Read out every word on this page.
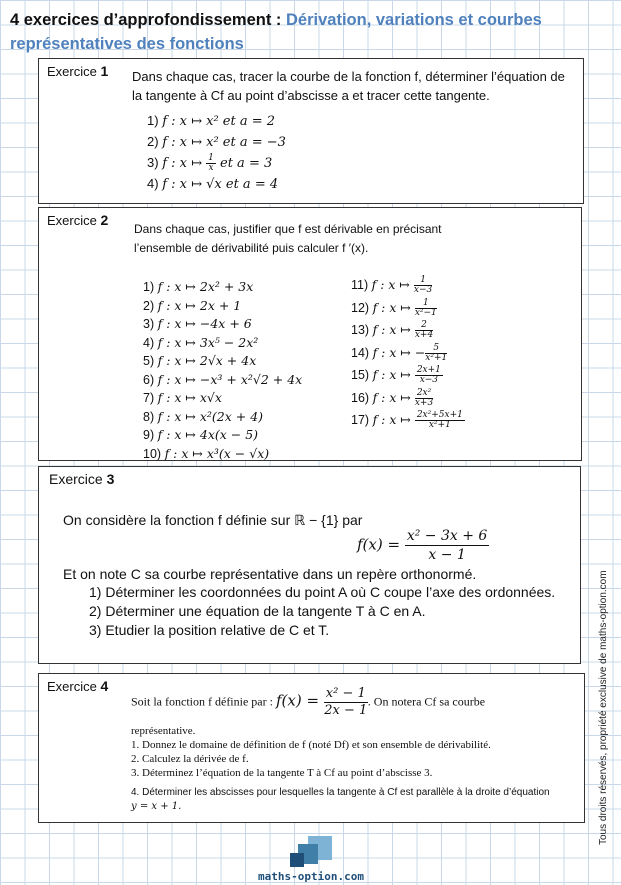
4 exercices d’approfondissement : Dérivation, variations et courbes représentatives des fonctions
Exercice 1 Dans chaque cas, tracer la courbe de la fonction f, déterminer l’équation de la tangente à Cf au point d’abscisse a et tracer cette tangente.
1) f : x ↦ x² et a = 2
2) f : x ↦ x² et a = −3
3) f : x ↦ $\frac{1}{x}$ et a = 3
4) f : x ↦ √x et a = 4
Exercice 2
Dans chaque cas, justifier que f est dérivable en précisant l’ensemble de dérivabilité puis calculer f ′(x).
1) f : x ↦ 2x² + 3x
2) f : x ↦ 2x + 1
3) f : x ↦ −4x + 6
4) f : x ↦ 3x⁵ − 2x²
5) f : x ↦ 2√x + 4x
6) f : x ↦ −x³ + x²√2 + 4x
7) f : x ↦ x√x
8) f : x ↦ x²(2x + 4)
9) f : x ↦ 4x(x − 5)
10) f : x ↦ x³(x − √x)
11) f : x ↦ $\frac{1}{x-3}$
12) f : x ↦ $\frac{1}{\text{x²−1}}$
13) f : x ↦ $\frac{2}{x+4}$
14) f : x ↦ − $\frac{5}{\text{x²+1}}$
15) f : x ↦ $\frac{2x+1}{x-3}$
16) f : x ↦ $\frac{\text{2x²}}{x+3}$
17) f : x ↦ $\frac{\text{2x²+5x+1}}{\text{x²+1}}$
Exercice 3
On considère la fonction f définie sur ℝ − {1} par
$f(x) = \frac{\text{x² − 3x + 6}}{x - 1}$
Et on note C sa courbe représentative dans un repère orthonormé.
1) Déterminer les coordonnées du point A où C coupe l’axe des ordonnées.
2) Déterminer une équation de la tangente T à C en A.
3) Etudier la position relative de C et T.
Exercice 4
Soit la fonction f définie par : $f(x) = \frac{\text{x² − 1}}{2x - 1}$ . On notera Cf sa courbe
représentative.
1. Donnez le domaine de définition de f (noté Df) et son ensemble de dérivabilité.
2. Calculez la dérivée de f.
3. Déterminez l’équation de la tangente T à Cf au point d’abscisse 3.
4. Déterminer les abscisses pour lesquelles la tangente à Cf est parallèle à la droite d’équation
y = x + 1.	Tous droits réservés, propriété exclusive de maths-option.com
maths-option.com
